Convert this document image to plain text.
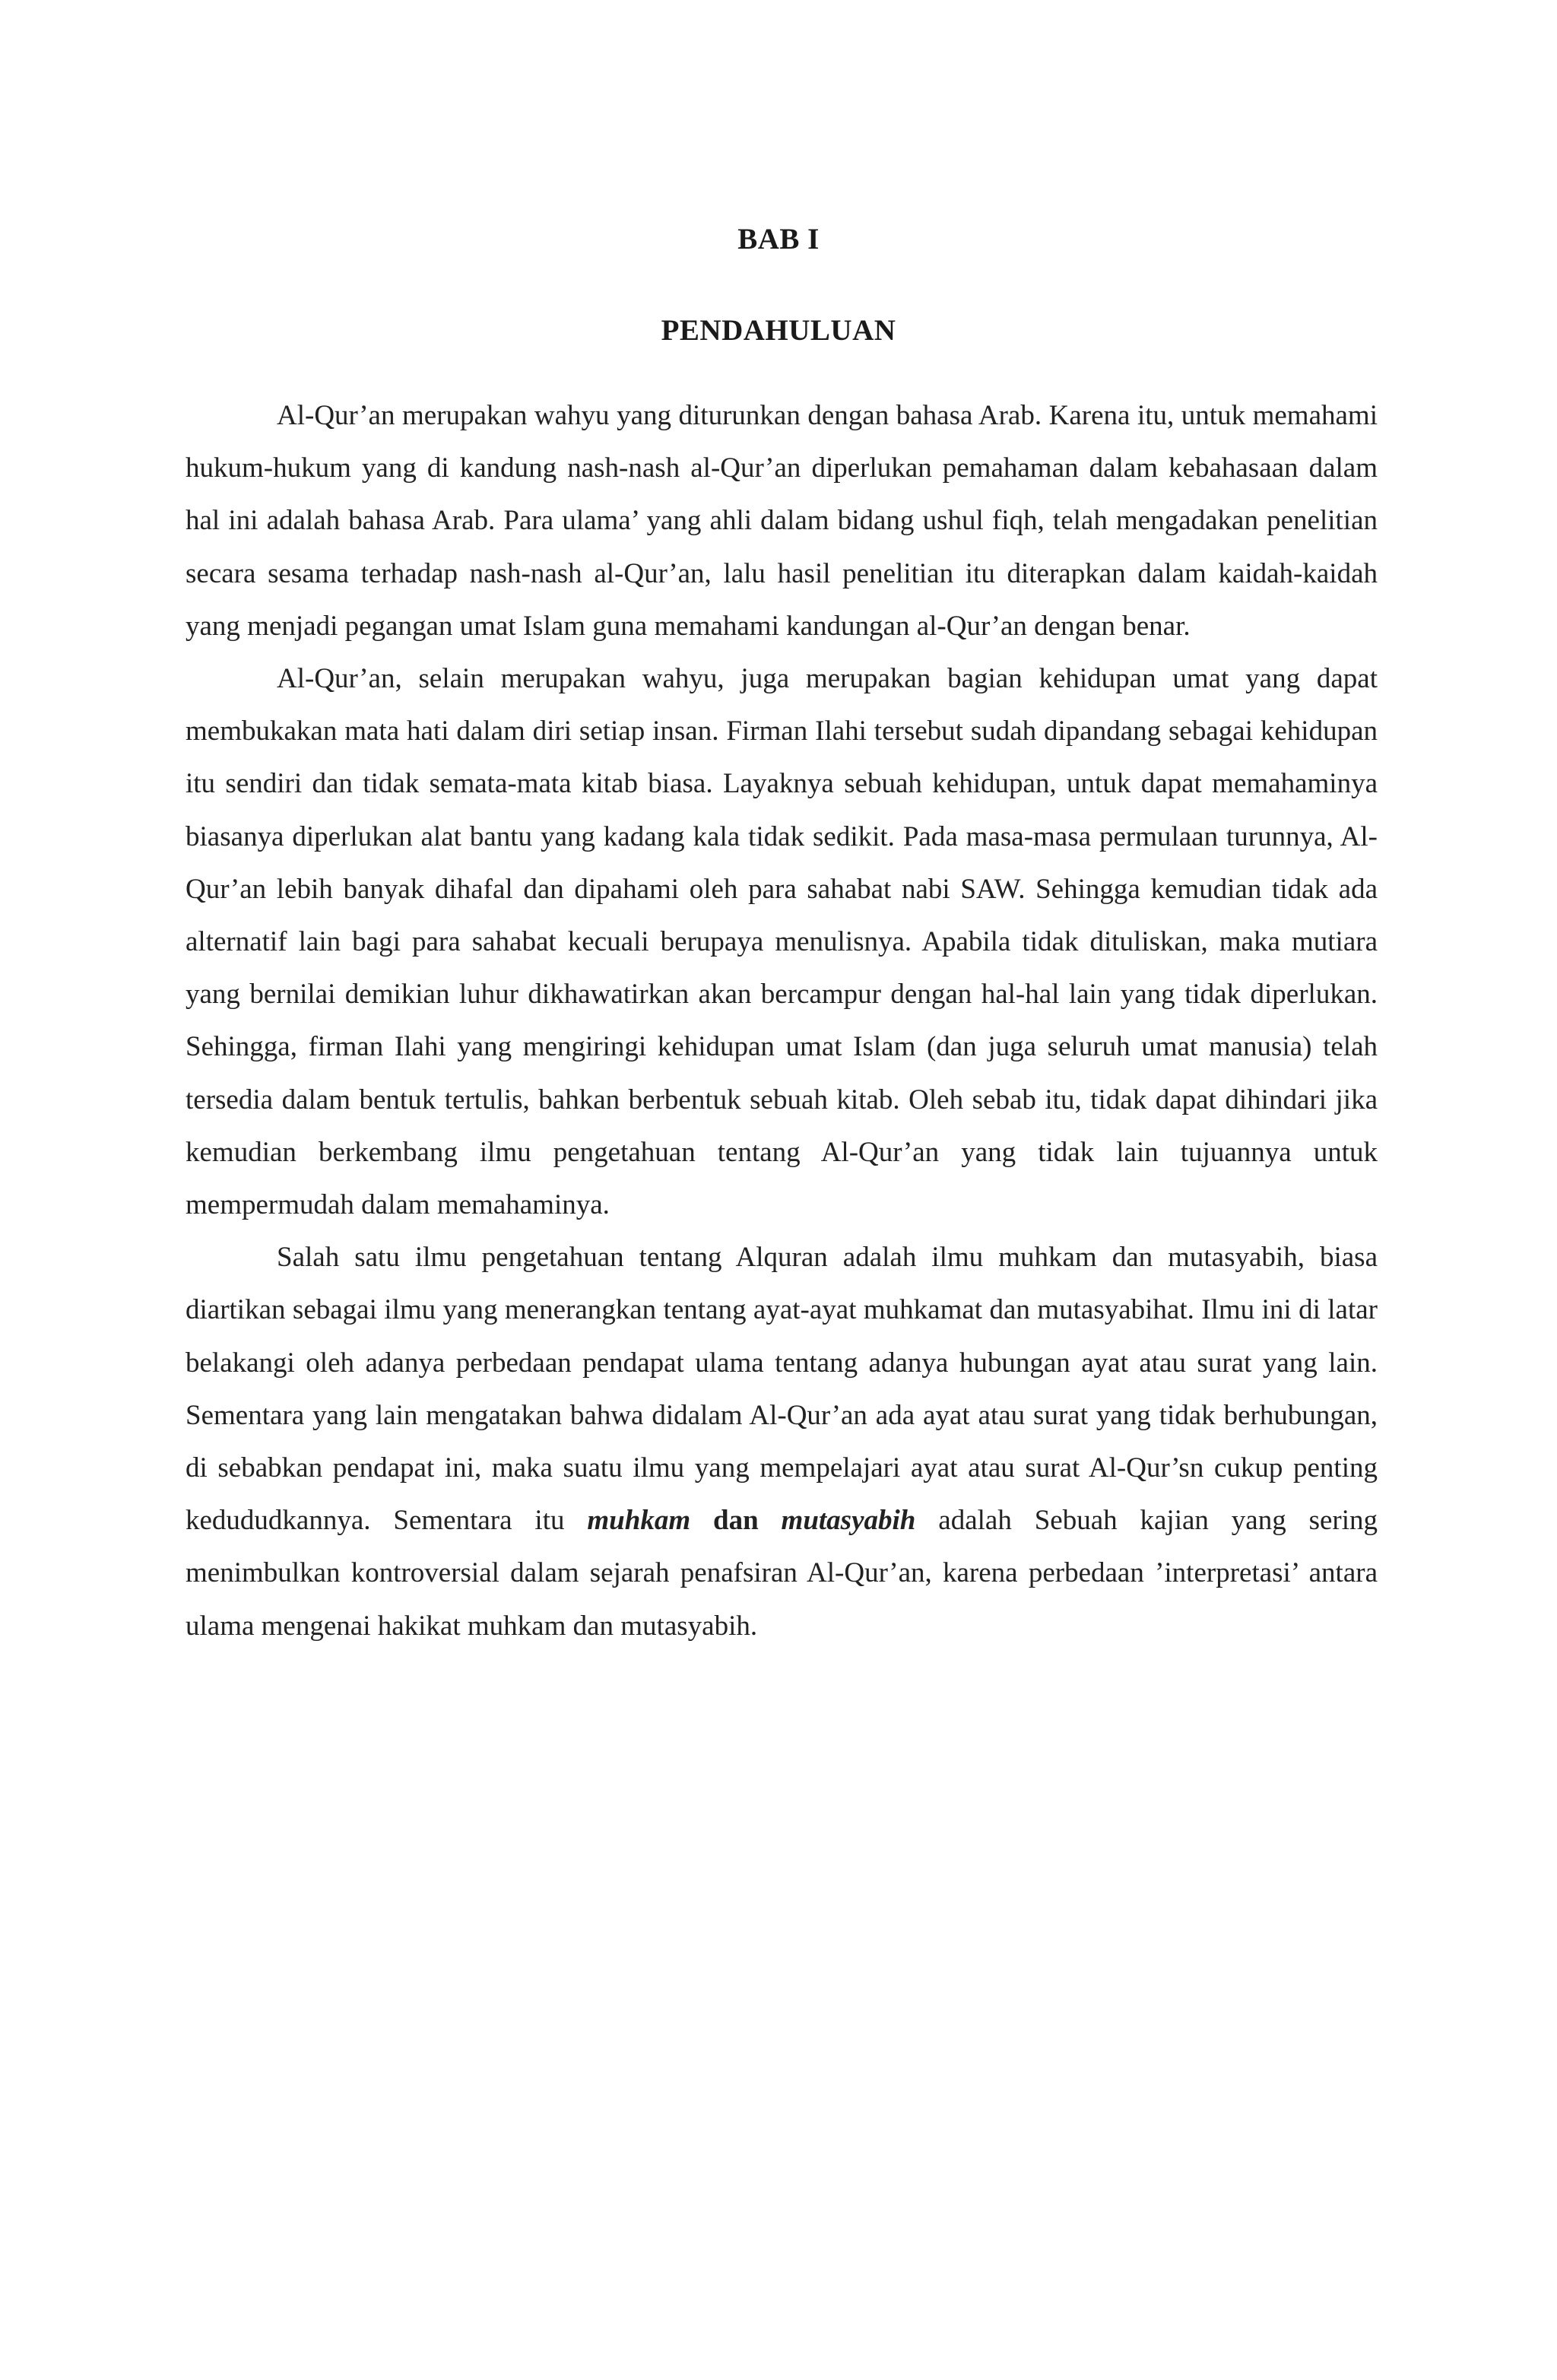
BAB I
PENDAHULUAN

Al-Qur’an merupakan wahyu yang diturunkan dengan bahasa Arab. Karena itu, untuk memahami hukum-hukum yang di kandung nash-nash al-Qur’an diperlukan pemahaman dalam kebahasaan dalam hal ini adalah bahasa Arab. Para ulama’ yang ahli dalam bidang ushul fiqh, telah mengadakan penelitian secara sesama terhadap nash-nash al-Qur’an, lalu hasil penelitian itu diterapkan dalam kaidah-kaidah yang menjadi pegangan umat Islam guna memahami kandungan al-Qur’an dengan benar.

Al-Qur’an, selain merupakan wahyu, juga merupakan bagian kehidupan umat yang dapat membukakan mata hati dalam diri setiap insan. Firman Ilahi tersebut sudah dipandang sebagai kehidupan itu sendiri dan tidak semata-mata kitab biasa. Layaknya sebuah kehidupan, untuk dapat memahaminya biasanya diperlukan alat bantu yang kadang kala tidak sedikit. Pada masa-masa permulaan turunnya, Al-Qur’an lebih banyak dihafal dan dipahami oleh para sahabat nabi SAW. Sehingga kemudian tidak ada alternatif lain bagi para sahabat kecuali berupaya menulisnya. Apabila tidak dituliskan, maka mutiara yang bernilai demikian luhur dikhawatirkan akan bercampur dengan hal-hal lain yang tidak diperlukan. Sehingga, firman Ilahi yang mengiringi kehidupan umat Islam (dan juga seluruh umat manusia) telah tersedia dalam bentuk tertulis, bahkan berbentuk sebuah kitab. Oleh sebab itu, tidak dapat dihindari jika kemudian berkembang ilmu pengetahuan tentang Al-Qur’an yang tidak lain tujuannya untuk mempermudah dalam memahaminya.

Salah satu ilmu pengetahuan tentang Alquran adalah ilmu muhkam dan mutasyabih, biasa diartikan sebagai ilmu yang menerangkan tentang ayat-ayat muhkamat dan mutasyabihat. Ilmu ini di latar belakangi oleh adanya perbedaan pendapat ulama tentang adanya hubungan ayat atau surat yang lain. Sementara yang lain mengatakan bahwa didalam Al-Qur’an ada ayat atau surat yang tidak berhubungan, di sebabkan pendapat ini, maka suatu ilmu yang mempelajari ayat atau surat Al-Qur’sn cukup penting kedududkannya. Sementara itu muhkam dan mutasyabih adalah Sebuah kajian yang sering menimbulkan kontroversial dalam sejarah penafsiran Al-Qur’an, karena perbedaan ’interpretasi’ antara ulama mengenai hakikat muhkam dan mutasyabih.
